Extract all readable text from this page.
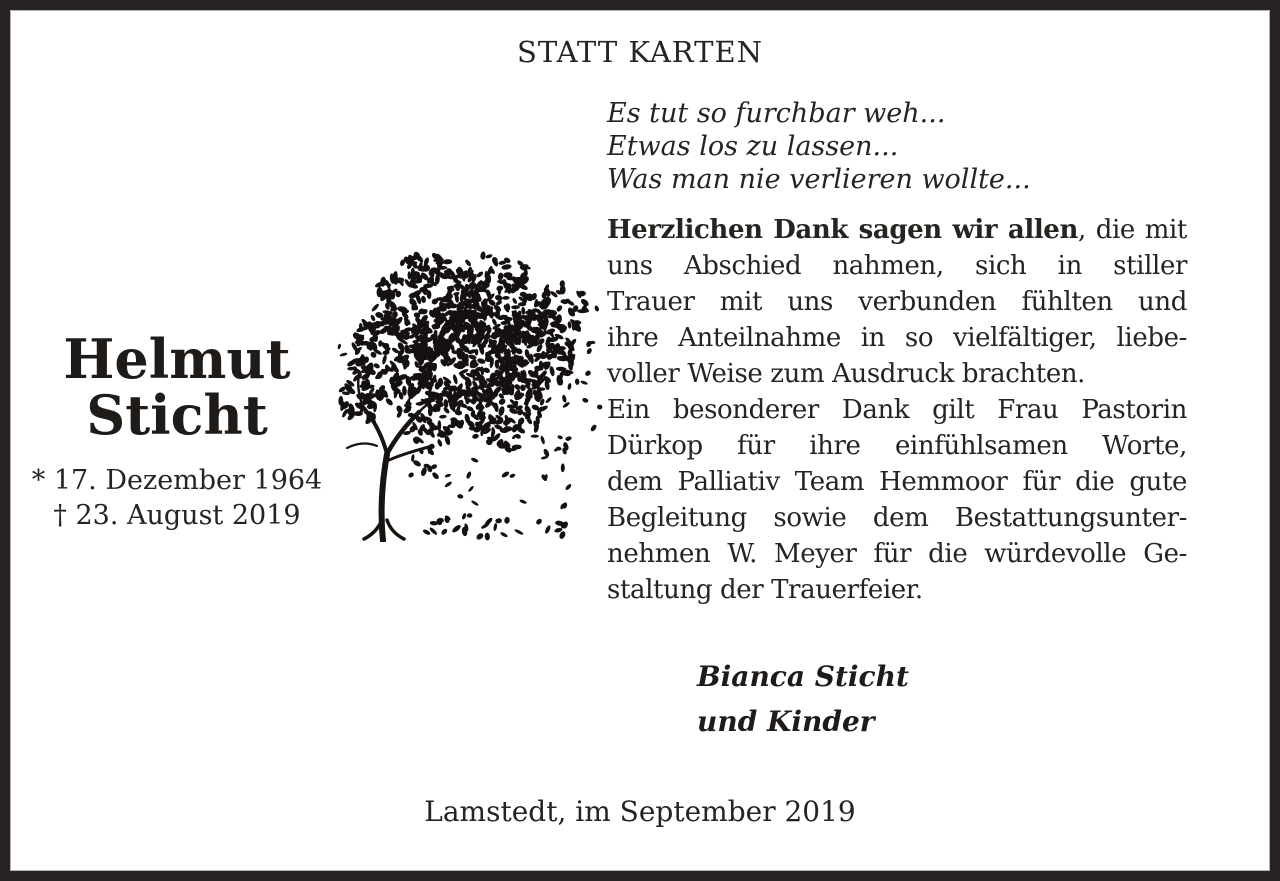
STATT KARTEN
Es tut so furchbar weh...
Etwas los zu lassen...
Was man nie verlieren wollte...
Helmut
Sticht
* 17. Dezember 1964
† 23. August 2019
Herzlichen Dank sagen wir allen, die mit
uns Abschied nahmen, sich in stiller
Trauer mit uns verbunden fühlten und
ihre Anteilnahme in so vielfältiger, liebe-
voller Weise zum Ausdruck brachten.
Ein besonderer Dank gilt Frau Pastorin
Dürkop für ihre einfühlsamen Worte,
dem Palliativ Team Hemmoor für die gute
Begleitung sowie dem Bestattungsunter-
nehmen W. Meyer für die würdevolle Ge-
staltung der Trauerfeier.
Bianca Sticht
und Kinder
Lamstedt, im September 2019
